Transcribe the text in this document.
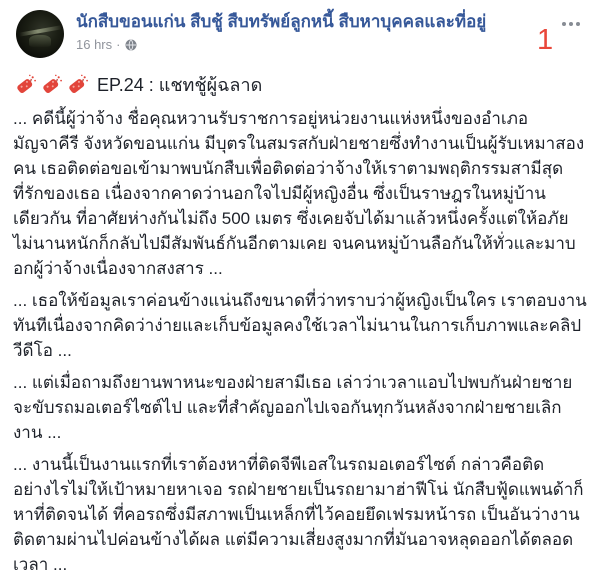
นักสืบขอนแก่น สืบชู้ สืบทรัพย์ลูกหนี้ สืบหาบุคคลและที่อยู่
16 hrs ·	1
EP.24 : แชทชู้ผู้ฉลาด

... คดีนี้ผู้ว่าจ้าง ชื่อคุณหวานรับราชการอยู่หน่วยงานแห่งหนึ่งของอำเภอมัญจาคีรี จังหวัดขอนแก่น มีบุตรในสมรสกับฝ่ายชายซึ่งทำงานเป็นผู้รับเหมาสองคน เธอติดต่อขอเข้ามาพบนักสืบเพื่อติดต่อว่าจ้างให้เราตามพฤติกรรมสามีสุดที่รักของเธอ เนื่องจากคาดว่านอกใจไปมีผู้หญิงอื่น ซึ่งเป็นราษฎรในหมู่บ้านเดียวกัน ที่อาศัยห่างกันไม่ถึง 500 เมตร ซึ่งเคยจับได้มาแล้วหนึ่งครั้งแต่ให้อภัย ไม่นานหนักก็กลับไปมีสัมพันธ์กันอีกตามเคย จนคนหมู่บ้านลือกันให้ทั่วและมาบอกผู้ว่าจ้างเนื่องจากสงสาร ...

... เธอให้ข้อมูลเราค่อนข้างแน่นถึงขนาดที่ว่าทราบว่าผู้หญิงเป็นใคร เราตอบงานทันทีเนื่องจากคิดว่าง่ายและเก็บข้อมูลคงใช้เวลาไม่นานในการเก็บภาพและคลิปวีดีโอ ...

... แต่เมื่อถามถึงยานพาหนะของฝ่ายสามีเธอ เล่าว่าเวลาแอบไปพบกันฝ่ายชายจะขับรถมอเตอร์ไซต์ไป และที่สำคัญออกไปเจอกันทุกวันหลังจากฝ่ายชายเลิกงาน ...

... งานนี้เป็นงานแรกที่เราต้องหาที่ติดจีพีเอสในรถมอเตอร์ไซต์ กล่าวคือติดอย่างไรไม่ให้เป้าหมายหาเจอ รถฝ่ายชายเป็นรถยามาฮ่าฟีโน่ นักสืบฟู้ดแพนด้าก็หาที่ติดจนได้ ที่คอรถซึ่งมีสภาพเป็นเหล็กที่ไว้คอยยึดเฟรมหน้ารถ เป็นอันว่างานติดตามผ่านไปค่อนข้างได้ผล แต่มีความเสี่ยงสูงมากที่มันอาจหลุดออกได้ตลอดเวลา ...
